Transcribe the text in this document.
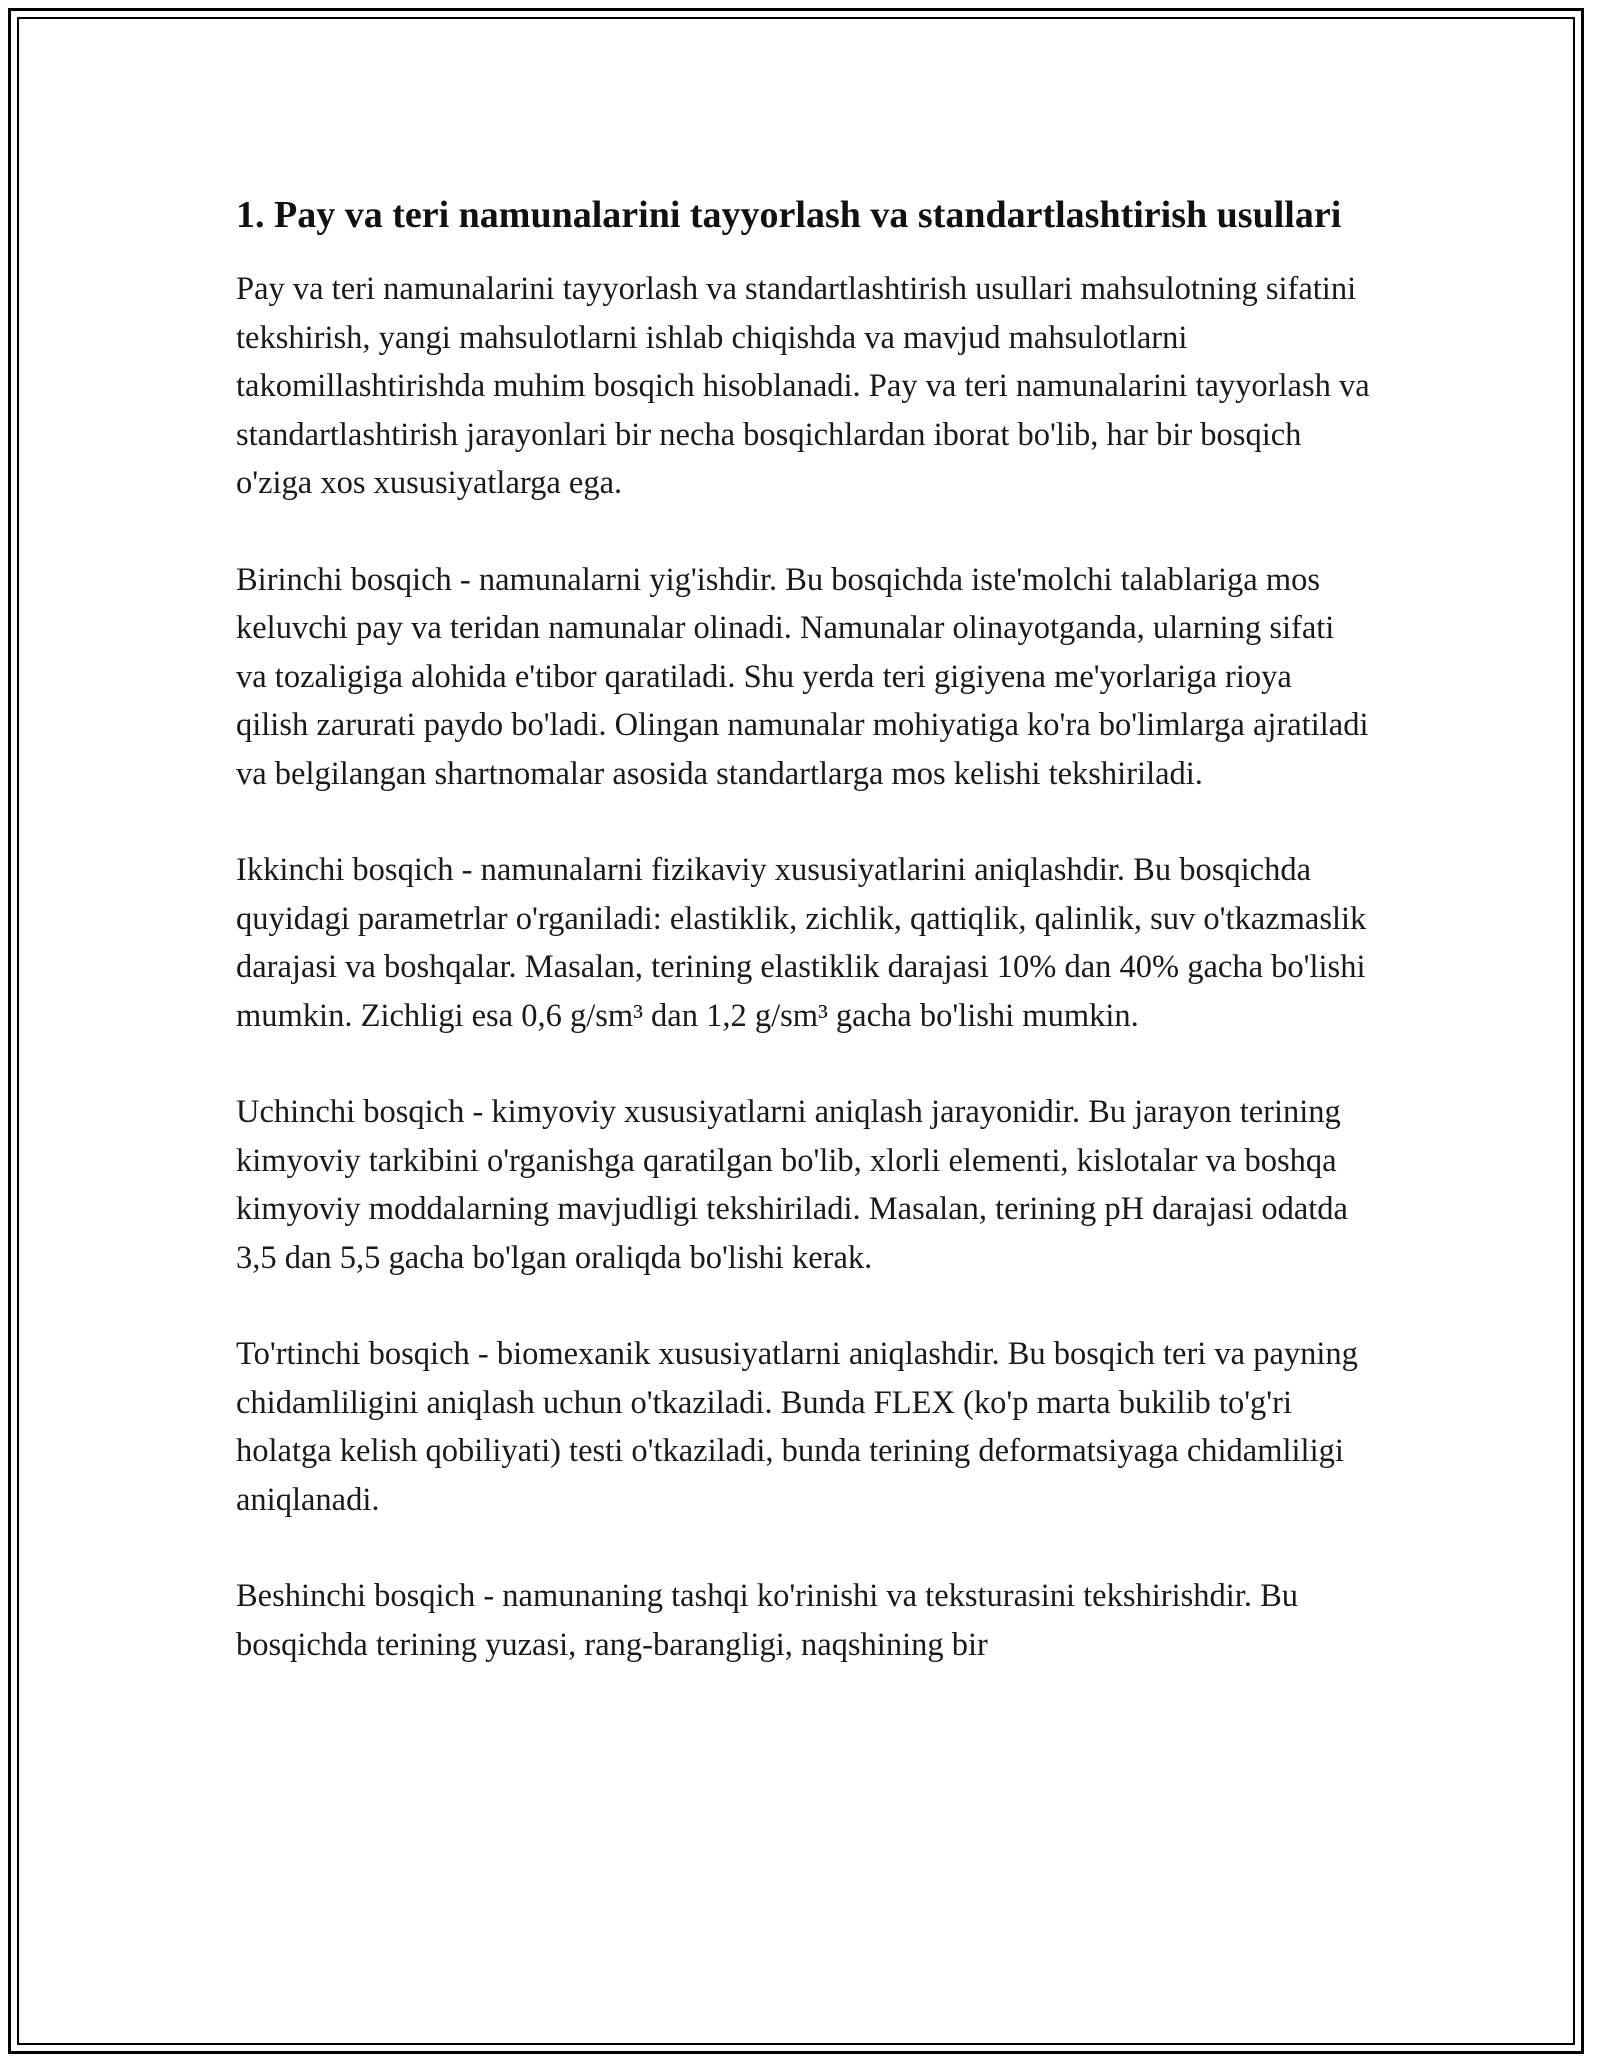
1. Pay va teri namunalarini tayyorlash va standartlashtirish usullari

Pay va teri namunalarini tayyorlash va standartlashtirish usullari mahsulotning sifatini tekshirish, yangi mahsulotlarni ishlab chiqishda va mavjud mahsulotlarni takomillashtirishda muhim bosqich hisoblanadi. Pay va teri namunalarini tayyorlash va standartlashtirish jarayonlari bir necha bosqichlardan iborat bo'lib, har bir bosqich o'ziga xos xususiyatlarga ega.

Birinchi bosqich - namunalarni yig'ishdir. Bu bosqichda iste'molchi talablariga mos keluvchi pay va teridan namunalar olinadi. Namunalar olinayotganda, ularning sifati va tozaligiga alohida e'tibor qaratiladi. Shu yerda teri gigiyena me'yorlariga rioya qilish zarurati paydo bo'ladi. Olingan namunalar mohiyatiga ko'ra bo'limlarga ajratiladi va belgilangan shartnomalar asosida standartlarga mos kelishi tekshiriladi.

Ikkinchi bosqich - namunalarni fizikaviy xususiyatlarini aniqlashdir. Bu bosqichda quyidagi parametrlar o'rganiladi: elastiklik, zichlik, qattiqlik, qalinlik, suv o'tkazmaslik darajasi va boshqalar. Masalan, terining elastiklik darajasi 10% dan 40% gacha bo'lishi mumkin. Zichligi esa 0,6 g/sm³ dan 1,2 g/sm³ gacha bo'lishi mumkin.

Uchinchi bosqich - kimyoviy xususiyatlarni aniqlash jarayonidir. Bu jarayon terining kimyoviy tarkibini o'rganishga qaratilgan bo'lib, xlorli elementi, kislotalar va boshqa kimyoviy moddalarning mavjudligi tekshiriladi. Masalan, terining pH darajasi odatda 3,5 dan 5,5 gacha bo'lgan oraliqda bo'lishi kerak.

To'rtinchi bosqich - biomexanik xususiyatlarni aniqlashdir. Bu bosqich teri va payning chidamliligini aniqlash uchun o'tkaziladi. Bunda FLEX (ko'p marta bukilib to'g'ri holatga kelish qobiliyati) testi o'tkaziladi, bunda terining deformatsiyaga chidamliligi aniqlanadi.

Beshinchi bosqich - namunaning tashqi ko'rinishi va teksturasini tekshirishdir. Bu bosqichda terining yuzasi, rang-barangligi, naqshining bir
